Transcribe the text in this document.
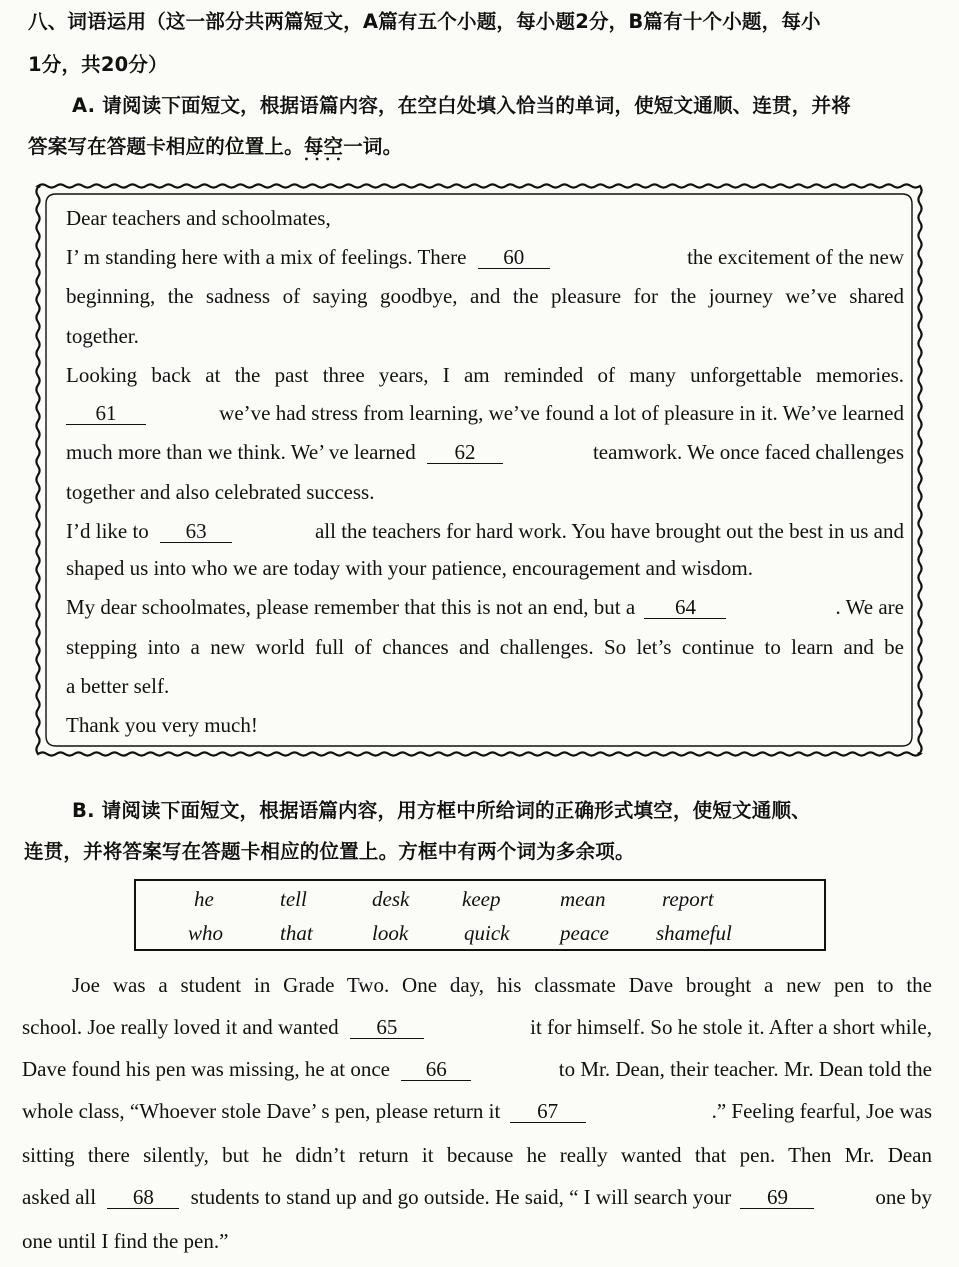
八、词语运用（这一部分共两篇短文，A篇有五个小题，每小题2分，B篇有十个小题，每小
1分，共20分）
A. 请阅读下面短文，根据语篇内容，在空白处填入恰当的单词，使短文通顺、连贯，并将
答案写在答题卡相应的位置上。每空一词 • • 。
Dear teachers and schoolmates,
I’ m standing here with a mix of feelings. There 60	the excitement of the new
beginning, the sadness of saying goodbye, and the pleasure for the journey we’ve shared
together.
Looking back at the past three years, I am reminded of many unforgettable memories.
61	we’ve had stress from learning, we’ve found a lot of pleasure in it. We’ve learned
much more than we think. We’ ve learned 62	teamwork. We once faced challenges
together and also celebrated success.
I’d like to 63	all the teachers for hard work. You have brought out the best in us and
shaped us into who we are today with your patience, encouragement and wisdom.
My dear schoolmates, please remember that this is not an end, but a 64	. We are
stepping into a new world full of chances and challenges. So let’s continue to learn and be
a better self.
Thank you very much!
B. 请阅读下面短文，根据语篇内容，用方框中所给词的正确形式填空，使短文通顺、
连贯，并将答案写在答题卡相应的位置上。方框中有两个词为多余项。
he	tell	desk	keep	mean	report
who	that	look	quick peace shameful
Joe was a student in Grade Two. One day, his classmate Dave brought a new pen to the
school. Joe really loved it and wanted 65	it for himself. So he stole it. After a short while,
Dave found his pen was missing, he at once 66	to Mr. Dean, their teacher. Mr. Dean told the
whole class, “Whoever stole Dave’ s pen, please return it 67	.” Feeling fearful, Joe was
sitting there silently, but he didn’t return it because he really wanted that pen. Then Mr. Dean
asked all 68 students to stand up and go outside. He said, “ I will search your 69	one by
one until I find the pen.”
